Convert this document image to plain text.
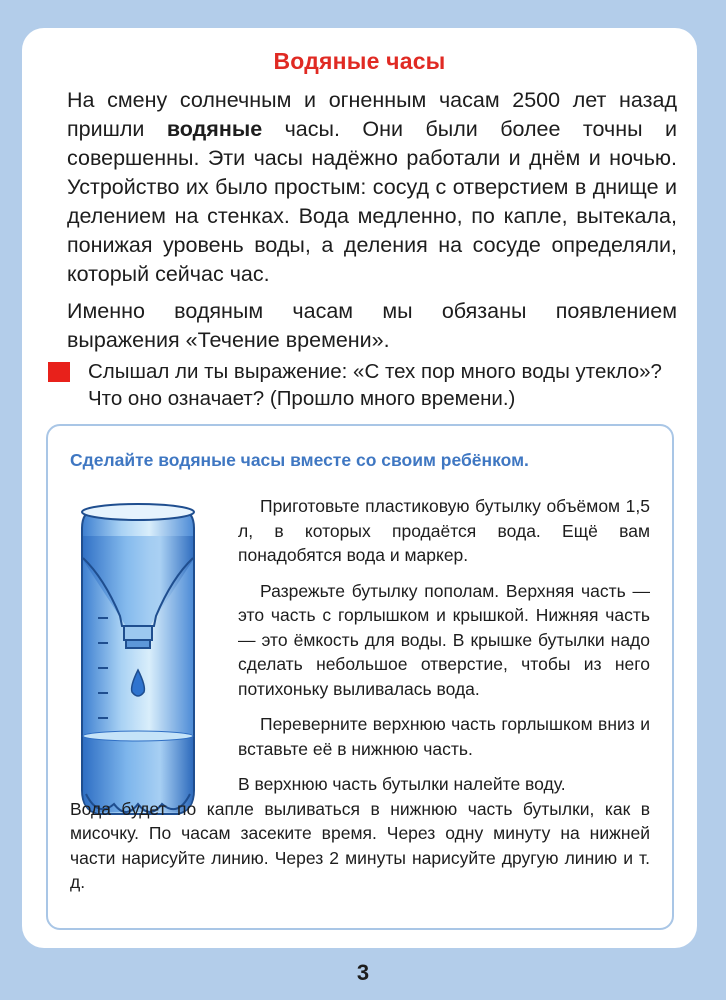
Водяные часы

На смену солнечным и огненным часам 2500 лет назад пришли водяные часы. Они были более точны и совершенны. Эти часы надёжно работали и днём и ночью. Устройство их было простым: сосуд с отверстием в днище и делением на стенках. Вода медленно, по капле, вытекала, понижая уровень воды, а деления на сосуде определяли, который сейчас час.

Именно водяным часам мы обязаны появлением выражения «Течение времени».

Слышал ли ты выражение: «С тех пор много воды утекло»? Что оно означает? (Прошло много времени.)
Сделайте водяные часы вместе со своим ребёнком.

Приготовьте пластиковую бутылку объёмом 1,5 л, в которых продаётся вода. Ещё вам понадобятся вода и маркер.

Разрежьте бутылку пополам. Верхняя часть — это часть с горлышком и крышкой. Нижняя часть — это ёмкость для воды. В крышке бутылки надо сделать небольшое отверстие, чтобы из него потихоньку выливалась вода.

Переверните верхнюю часть горлышком вниз и вставьте её в нижнюю часть.

В верхнюю часть бутылки налейте воду.
Вода будет по капле выливаться в нижнюю часть бутылки, как в мисочку. По часам засеките время. Через одну минуту на нижней части нарисуйте линию. Через 2 минуты нарисуйте другую линию и т. д.

3
